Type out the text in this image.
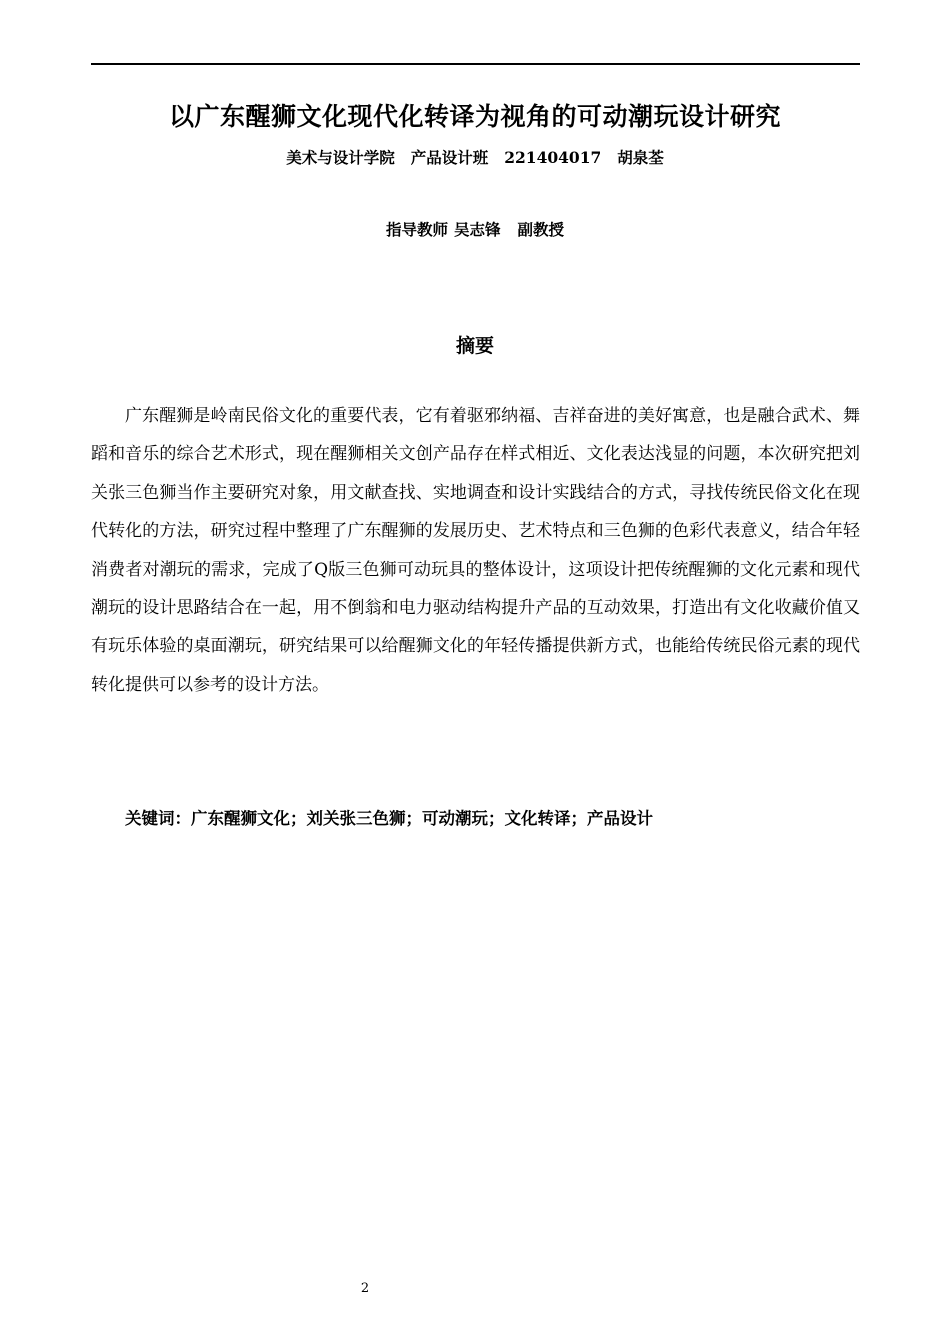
以广东醒狮文化现代化转译为视角的可动潮玩设计研究
美术与设计学院 产品设计班 221404017 胡泉荃
指导教师 吴志锋 副教授
摘要

广东醒狮是岭南民俗文化的重要代表，它有着驱邪纳福、吉祥奋进的美好寓意，也是融合武术、舞蹈和音乐的综合艺术形式，现在醒狮相关文创产品存在样式相近、文化表达浅显的问题，本次研究把刘关张三色狮当作主要研究对象，用文献查找、实地调查和设计实践结合的方式，寻找传统民俗文化在现代转化的方法，研究过程中整理了广东醒狮的发展历史、艺术特点和三色狮的色彩代表意义，结合年轻消费者对潮玩的需求，完成了Q版三色狮可动玩具的整体设计，这项设计把传统醒狮的文化元素和现代潮玩的设计思路结合在一起，用不倒翁和电力驱动结构提升产品的互动效果，打造出有文化收藏价值又有玩乐体验的桌面潮玩，研究结果可以给醒狮文化的年轻传播提供新方式，也能给传统民俗元素的现代转化提供可以参考的设计方法。

关键词：广东醒狮文化；刘关张三色狮；可动潮玩；文化转译；产品设计
2
